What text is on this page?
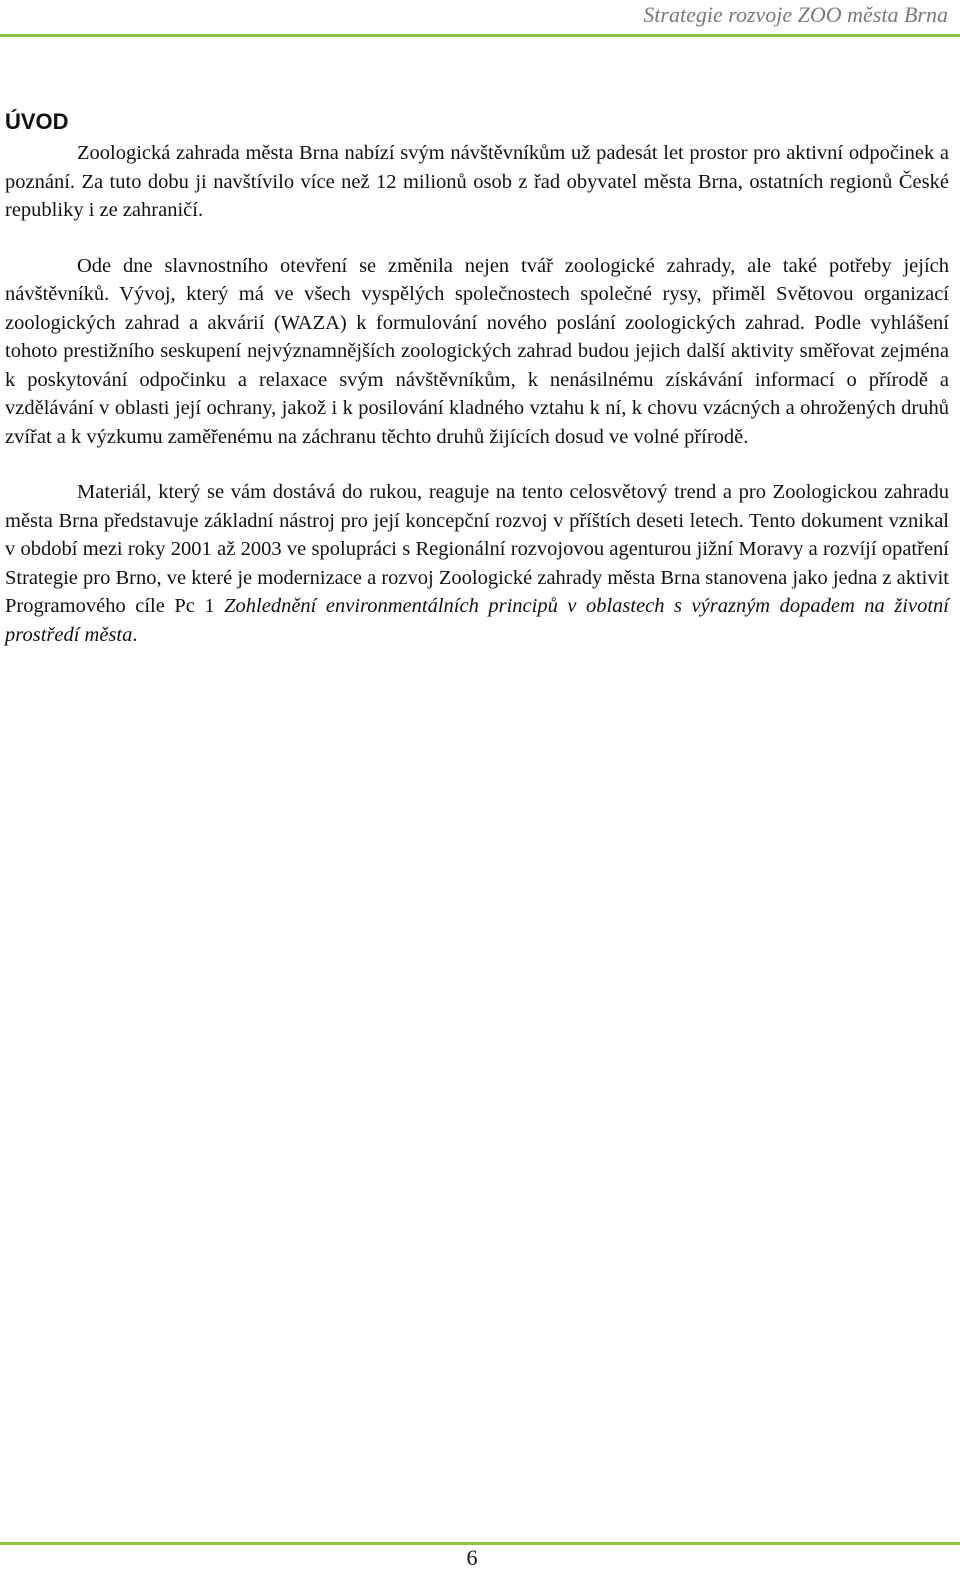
Strategie rozvoje ZOO města Brna
ÚVOD

Zoologická zahrada města Brna nabízí svým návštěvníkům už padesát let prostor pro aktivní odpočinek a poznání. Za tuto dobu ji navštívilo více než 12 milionů osob z řad obyvatel města Brna, ostatních regionů České republiky i ze zahraničí.

Ode dne slavnostního otevření se změnila nejen tvář zoologické zahrady, ale také potřeby jejích návštěvníků. Vývoj, který má ve všech vyspělých společnostech společné rysy, přiměl Světovou organizací zoologických zahrad a akvárií (WAZA) k formulování nového poslání zoologických zahrad. Podle vyhlášení tohoto prestižního seskupení nejvýznamnějších zoologických zahrad budou jejich další aktivity směřovat zejména k poskytování odpočinku a relaxace svým návštěvníkům, k nenásilnému získávání informací o přírodě a vzdělávání v oblasti její ochrany, jakož i k posilování kladného vztahu k ní, k chovu vzácných a ohrožených druhů zvířat a k výzkumu zaměřenému na záchranu těchto druhů žijících dosud ve volné přírodě.

Materiál, který se vám dostává do rukou, reaguje na tento celosvětový trend a pro Zoologickou zahradu města Brna představuje základní nástroj pro její koncepční rozvoj v příštích deseti letech. Tento dokument vznikal v období mezi roky 2001 až 2003 ve spolupráci s Regionální rozvojovou agenturou jižní Moravy a rozvíjí opatření Strategie pro Brno, ve které je modernizace a rozvoj Zoologické zahrady města Brna stanovena jako jedna z aktivit Programového cíle Pc 1 Zohlednění environmentálních principů v oblastech s výrazným dopadem na životní prostředí města.

6
